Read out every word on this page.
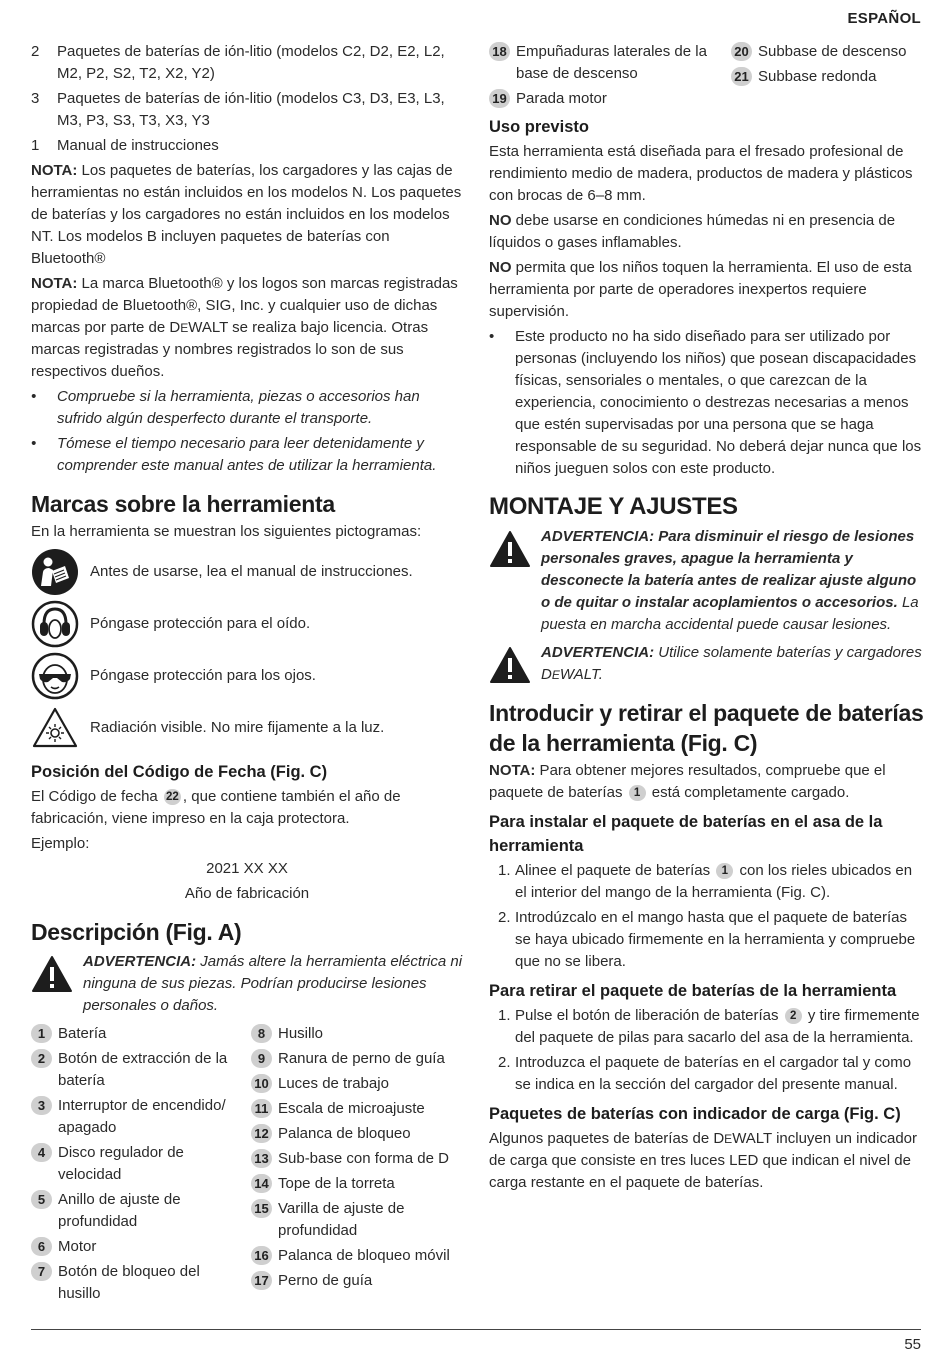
ESPAÑOL
2	Paquetes de baterías de ión-litio (modelos C2, D2, E2, L2, M2, P2, S2, T2, X2, Y2)
3	Paquetes de baterías de ión-litio (modelos C3, D3, E3, L3, M3, P3, S3, T3, X3, Y3
1	Manual de instrucciones

NOTA: Los paquetes de baterías, los cargadores y las cajas de herramientas no están incluidos en los modelos N. Los paquetes de baterías y los cargadores no están incluidos en los modelos NT. Los modelos B incluyen paquetes de baterías con Bluetooth®

NOTA: La marca Bluetooth® y los logos son marcas registradas propiedad de Bluetooth®, SIG, Inc. y cualquier uso de dichas marcas por parte de DEWALT se realiza bajo licencia. Otras marcas registradas y nombres registrados lo son de sus respectivos dueños.

•	Compruebe si la herramienta, piezas o accesorios han sufrido algún desperfecto durante el transporte.
•	Tómese el tiempo necesario para leer detenidamente y comprender este manual antes de utilizar la herramienta.
Marcas sobre la herramienta

En la herramienta se muestran los siguientes pictogramas:

Antes de usarse, lea el manual de instrucciones.
Póngase protección para el oído.
Póngase protección para los ojos.
Radiación visible. No mire fijamente a la luz.
Posición del Código de Fecha (Fig. C)

El Código de fecha 22 , que contiene también el año de fabricación, viene impreso en la caja protectora.

Ejemplo:

2021 XX XX

Año de fabricación

Descripción (Fig. A)
ADVERTENCIA: Jamás altere la herramienta eléctrica ni ninguna de sus piezas. Podrían producirse lesiones personales o daños.
1 Batería
2 Botón de extracción de la batería
3 Interruptor de encendido/ apagado
4 Disco regulador de velocidad
5 Anillo de ajuste de profundidad
6 Motor
7 Botón de bloqueo del husillo
8 Husillo
9 Ranura de perno de guía
10 Luces de trabajo
11 Escala de microajuste
12 Palanca de bloqueo
13 Sub-base con forma de D
14 Tope de la torreta
15 Varilla de ajuste de profundidad
16 Palanca de bloqueo móvil
17 Perno de guía
18 Empuñaduras laterales de la base de descenso
19 Parada motor
20 Subbase de descenso
21 Subbase redonda
Uso previsto

Esta herramienta está diseñada para el fresado profesional de rendimiento medio de madera, productos de madera y plásticos con brocas de 6–8 mm.

NO debe usarse en condiciones húmedas ni en presencia de líquidos o gases inflamables.

NO permita que los niños toquen la herramienta. El uso de esta herramienta por parte de operadores inexpertos requiere supervisión.

•	Este producto no ha sido diseñado para ser utilizado por personas (incluyendo los niños) que posean discapacidades físicas, sensoriales o mentales, o que carezcan de la experiencia, conocimiento o destrezas necesarias a menos que estén supervisadas por una persona que se haga responsable de su seguridad. No deberá dejar nunca que los niños jueguen solos con este producto.
MONTAJE Y AJUSTES
ADVERTENCIA: Para disminuir el riesgo de lesiones personales graves, apague la herramienta y desconecte la batería antes de realizar ajuste alguno o de quitar o instalar acoplamientos o accesorios. La puesta en marcha accidental puede causar lesiones.
ADVERTENCIA: Utilice solamente baterías y cargadores DEWALT.
Introducir y retirar el paquete de baterías de la herramienta (Fig. C)

NOTA: Para obtener mejores resultados, compruebe que el paquete de baterías 1 está completamente cargado.

Para instalar el paquete de baterías en el asa de la herramienta
1. Alinee el paquete de baterías 1 con los rieles ubicados en el interior del mango de la herramienta (Fig. C).
2. Introdúzcalo en el mango hasta que el paquete de baterías se haya ubicado firmemente en la herramienta y compruebe que no se libera.
Para retirar el paquete de baterías de la herramienta
1. Pulse el botón de liberación de baterías 2 y tire firmemente del paquete de pilas para sacarlo del asa de la herramienta.
2. Introduzca el paquete de baterías en el cargador tal y como se indica en la sección del cargador del presente manual.
Paquetes de baterías con indicador de carga (Fig. C)

Algunos paquetes de baterías de DEWALT incluyen un indicador de carga que consiste en tres luces LED que indican el nivel de carga restante en el paquete de baterías.

55
